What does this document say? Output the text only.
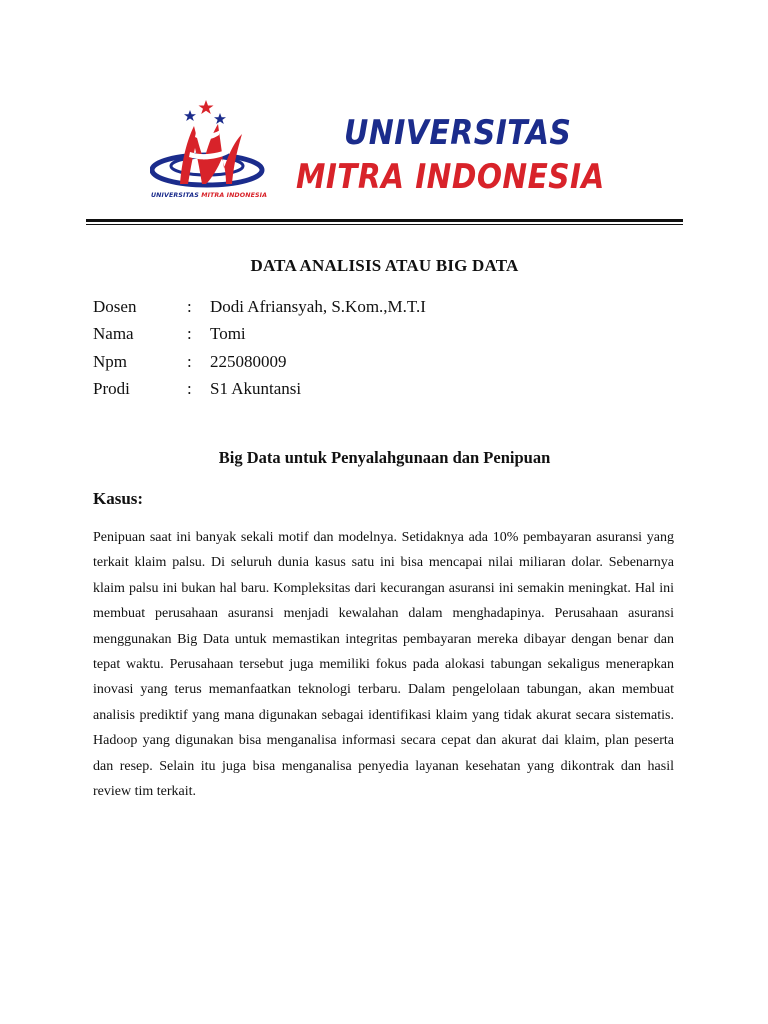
UNIVERSITAS MITRA INDONESIA
UNIVERSITAS
MITRA INDONESIA
DATA ANALISIS ATAU BIG DATA
Dosen	: Dodi Afriansyah, S.Kom.,M.T.I
Nama	: Tomi
Npm	: 225080009
Prodi	: S1 Akuntansi
Big Data untuk Penyalahgunaan dan Penipuan
Kasus:

Penipuan saat ini banyak sekali motif dan modelnya. Setidaknya ada 10% pembayaran asuransi yang terkait klaim palsu. Di seluruh dunia kasus satu ini bisa mencapai nilai miliaran dolar. Sebenarnya klaim palsu ini bukan hal baru. Kompleksitas dari kecurangan asuransi ini semakin meningkat. Hal ini membuat perusahaan asuransi menjadi kewalahan dalam menghadapinya. Perusahaan asuransi menggunakan Big Data untuk memastikan integritas pembayaran mereka dibayar dengan benar dan tepat waktu. Perusahaan tersebut juga memiliki fokus pada alokasi tabungan sekaligus menerapkan inovasi yang terus memanfaatkan teknologi terbaru. Dalam pengelolaan tabungan, akan membuat analisis prediktif yang mana digunakan sebagai identifikasi klaim yang tidak akurat secara sistematis. Hadoop yang digunakan bisa menganalisa informasi secara cepat dan akurat dai klaim, plan peserta dan resep. Selain itu juga bisa menganalisa penyedia layanan kesehatan yang dikontrak dan hasil review tim terkait.
